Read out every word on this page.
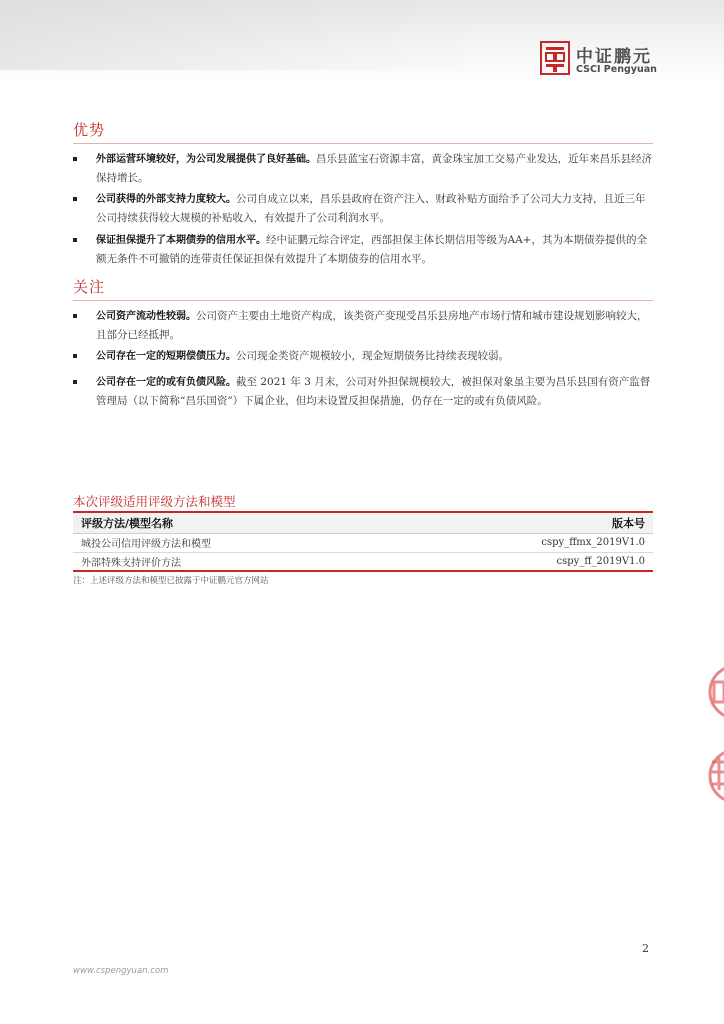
中证鹏元
CSCI Pengyuan
优势
外部运营环境较好，为公司发展提供了良好基础。昌乐县蓝宝石资源丰富，黄金珠宝加工交易产业发达，近年来昌乐县经济保持增长。
公司获得的外部支持力度较大。公司自成立以来，昌乐县政府在资产注入、财政补贴方面给予了公司大力支持，且近三年公司持续获得较大规模的补贴收入，有效提升了公司利润水平。
保证担保提升了本期债券的信用水平。经中证鹏元综合评定，西部担保主体长期信用等级为AA+，其为本期债券提供的全额无条件不可撤销的连带责任保证担保有效提升了本期债券的信用水平。
关注
公司资产流动性较弱。公司资产主要由土地资产构成，该类资产变现受昌乐县房地产市场行情和城市建设规划影响较大，且部分已经抵押。
公司存在一定的短期偿债压力。公司现金类资产规模较小，现金短期债务比持续表现较弱。
公司存在一定的或有负债风险。截至 2021 年 3 月末，公司对外担保规模较大，被担保对象虽主要为昌乐县国有资产监督管理局（以下简称“昌乐国资”）下属企业，但均未设置反担保措施，仍存在一定的或有负债风险。
本次评级适用评级方法和模型
评级方法/模型名称	版本号
城投公司信用评级方法和模型	cspy_ffmx_2019V1.0
外部特殊支持评价方法	cspy_ff_2019V1.0
注：上述评级方法和模型已披露于中证鹏元官方网站
2
www.cspengyuan.com
